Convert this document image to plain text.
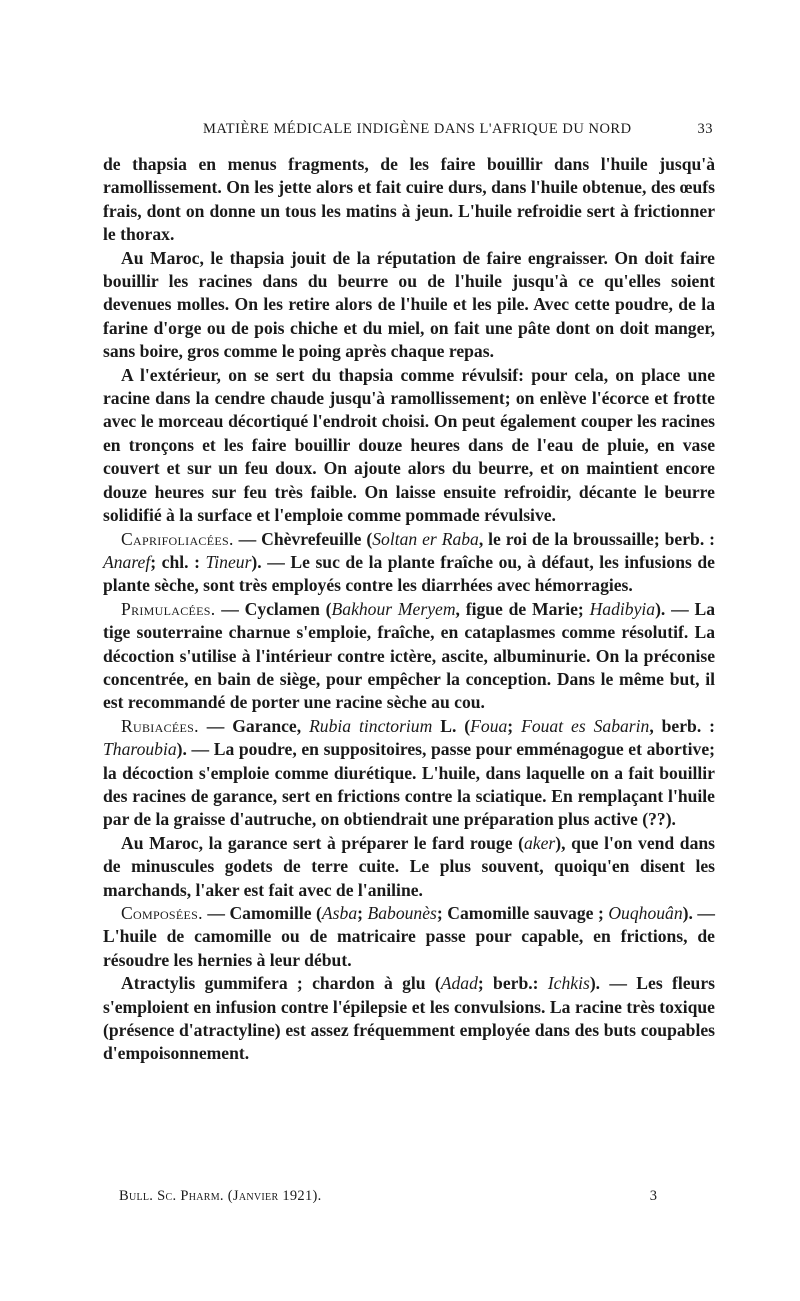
MATIÈRE MÉDICALE INDIGÈNE DANS L'AFRIQUE DU NORD	33

de thapsia en menus fragments, de les faire bouillir dans l'huile jusqu'à ramollissement. On les jette alors et fait cuire durs, dans l'huile obtenue, des œufs frais, dont on donne un tous les matins à jeun. L'huile refroidie sert à frictionner le thorax.

Au Maroc, le thapsia jouit de la réputation de faire engraisser. On doit faire bouillir les racines dans du beurre ou de l'huile jusqu'à ce qu'elles soient devenues molles. On les retire alors de l'huile et les pile. Avec cette poudre, de la farine d'orge ou de pois chiche et du miel, on fait une pâte dont on doit manger, sans boire, gros comme le poing après chaque repas.

A l'extérieur, on se sert du thapsia comme révulsif: pour cela, on place une racine dans la cendre chaude jusqu'à ramollissement; on enlève l'écorce et frotte avec le morceau décortiqué l'endroit choisi. On peut également couper les racines en tronçons et les faire bouillir douze heures dans de l'eau de pluie, en vase couvert et sur un feu doux. On ajoute alors du beurre, et on maintient encore douze heures sur feu très faible. On laisse ensuite refroidir, décante le beurre solidifié à la surface et l'emploie comme pommade révulsive.

Caprifoliacées. — Chèvrefeuille (Soltan er Raba, le roi de la broussaille; berb. : Anaref; chl. : Tineur). — Le suc de la plante fraîche ou, à défaut, les infusions de plante sèche, sont très employés contre les diarrhées avec hémorragies.

Primulacées. — Cyclamen (Bakhour Meryem, figue de Marie; Hadibyia). — La tige souterraine charnue s'emploie, fraîche, en cataplasmes comme résolutif. La décoction s'utilise à l'intérieur contre ictère, ascite, albuminurie. On la préconise concentrée, en bain de siège, pour empêcher la conception. Dans le même but, il est recommandé de porter une racine sèche au cou.

Rubiacées. — Garance, Rubia tinctorium L. (Foua; Fouat es Sabarin, berb. : Tharoubia). — La poudre, en suppositoires, passe pour emménagogue et abortive; la décoction s'emploie comme diurétique. L'huile, dans laquelle on a fait bouillir des racines de garance, sert en frictions contre la sciatique. En remplaçant l'huile par de la graisse d'autruche, on obtiendrait une préparation plus active (??).

Au Maroc, la garance sert à préparer le fard rouge (aker), que l'on vend dans de minuscules godets de terre cuite. Le plus souvent, quoiqu'en disent les marchands, l'aker est fait avec de l'aniline.

Composées. — Camomille (Asba; Babounès; Camomille sauvage ; Ouqhouân). — L'huile de camomille ou de matricaire passe pour capable, en frictions, de résoudre les hernies à leur début.

Atractylis gummifera ; chardon à glu (Adad; berb.: Ichkis). — Les fleurs s'emploient en infusion contre l'épilepsie et les convulsions. La racine très toxique (présence d'atractyline) est assez fréquemment employée dans des buts coupables d'empoisonnement.

Bull. Sc. Pharm. (Janvier 1921).	3
